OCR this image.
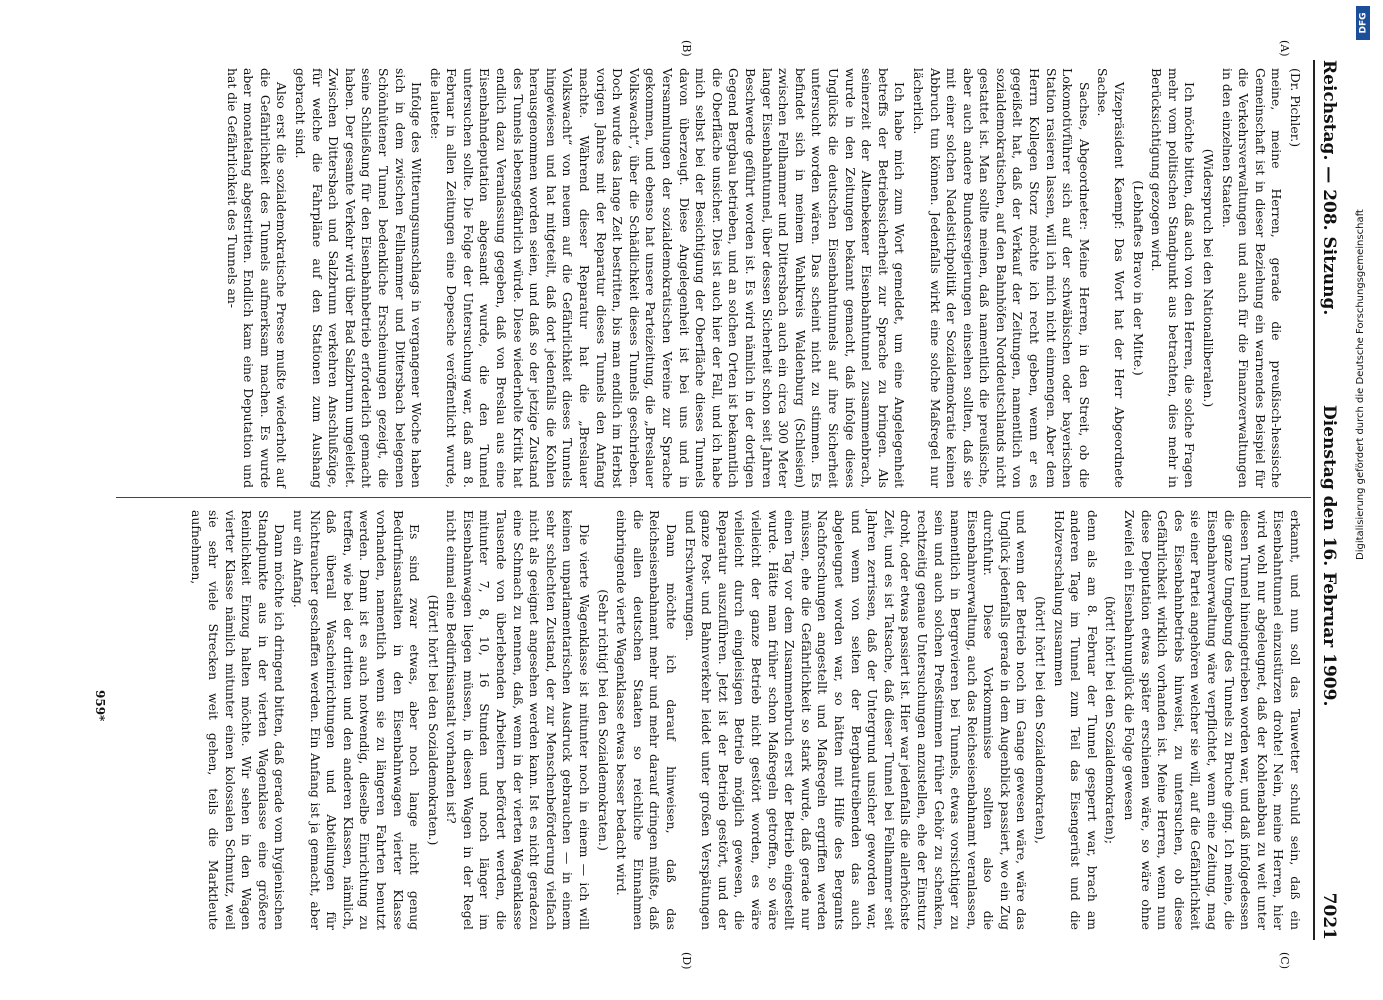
Reichstag. — 208. Sitzung.
Dienstag den 16. Februar 1909.
7021
(A)
(B)
(C)
(D)

(Dr. Pichler.)

meine, meine Herren, gerade die preußisch-hessische Gemeinschaft ist in dieser Beziehung ein warnendes Beispiel für die Verkehrsverwaltungen und auch für die Finanzverwaltungen in den einzelnen Staaten.

(Widerspruch bei den Nationalliberalen.)

Ich möchte bitten, daß auch von den Herren, die solche Fragen mehr vom politischen Standpunkt aus betrachten, dies mehr in Berücksichtigung gezogen wird.

(Lebhaftes Bravo in der Mitte.)

Vizepräsident Kaempf: Das Wort hat der Herr Abgeordnete Sachse.

Sachse, Abgeordneter: Meine Herren, in den Streit, ob die Lokomotivführer sich auf der schwäbischen oder bayerischen Station rasieren lassen, will ich mich nicht einmengen. Aber dem Herrn Kollegen Storz möchte ich recht geben, wenn er es gegeißelt hat, daß der Verkauf der Zeitungen, namentlich von sozialdemokratischen, auf den Bahnhöfen Norddeutschlands nicht gestattet ist. Man sollte meinen, daß namentlich die preußische, aber auch andere Bundesregierungen einsehen sollten, daß sie mit einer solchen Nadelstichpolitik der Sozialdemokratie keinen Abbruch tun können. Jedenfalls wirkt eine solche Maßregel nur lächerlich.

Ich habe mich zum Wort gemeldet, um eine Angelegenheit betreffs der Betriebssicherheit zur Sprache zu bringen. Als seinerzeit der Altenbekener Eisenbahntunnel zusammenbrach, wurde in den Zeitungen bekannt gemacht, daß infolge dieses Unglücks die deutschen Eisenbahntunnels auf ihre Sicherheit untersucht worden wären. Das scheint nicht zu stimmen. Es befindet sich in meinem Wahlkreis Waldenburg (Schlesien) zwischen Fellhammer und Dittersbach auch ein circa 300 Meter langer Eisenbahntunnel, über dessen Sicherheit schon seit Jahren Beschwerde geführt worden ist. Es wird nämlich in der dortigen Gegend Bergbau betrieben, und an solchen Orten ist bekanntlich die Oberfläche unsicher. Dies ist auch hier der Fall, und ich habe mich selbst bei der Besichtigung der Oberfläche dieses Tunnels davon überzeugt. Diese Angelegenheit ist bei uns und in Versammlungen der sozialdemokratischen Vereine zur Sprache gekommen, und ebenso hat unsere Parteizeitung, die „Breslauer Volkswacht“, über die Schädlichkeit dieses Tunnels geschrieben. Doch wurde das lange Zeit bestritten, bis man endlich im Herbst vorigen Jahres mit der Reparatur dieses Tunnels den Anfang machte. Während dieser Reparatur hat die „Breslauer Volkswacht“ von neuem auf die Gefährlichkeit dieses Tunnels hingewiesen und hat mitgeteilt, daß dort jedenfalls die Kohlen herausgenommen worden seien, und daß so der jetzige Zustand des Tunnels lebensgefährlich würde. Diese wiederholte Kritik hat endlich dazu Veranlassung gegeben, daß von Breslau aus eine Eisenbahndeputation abgesandt wurde, die den Tunnel untersuchen sollte. Die Folge der Untersuchung war, daß am 8. Februar in allen Zeitungen eine Depesche veröffentlicht wurde, die lautete:

Infolge des Witterungsumschlags in vergangener Woche haben sich in dem zwischen Fellhammer und Dittersbach belegenen Schönhütener Tunnel bedenkliche Erscheinungen gezeigt, die seine Schließung für den Eisenbahnbetrieb erforderlich gemacht haben. Der gesamte Verkehr wird über Bad Salzbrunn umgeleitet. Zwischen Dittersbach und Salzbrunn verkehren Anschlußzüge, für welche die Fahrpläne auf den Stationen zum Aushang gebracht sind.

Also erst die sozialdemokratische Presse mußte wiederholt auf die Gefährlichkeit des Tunnels aufmerksam machen. Es wurde aber monatelang abgestritten. Endlich kam eine Deputation und hat die Gefährlichkeit des Tunnels an-

erkannt, und nun soll das Tauwetter schuld sein, daß ein Eisenbahntunnel einzustürzen drohte! Nein, meine Herren, hier wird wohl nur abgeleugnet, daß der Kohlenabbau zu weit unter diesen Tunnel hineingetrieben worden war, und daß infolgedessen die ganze Umgebung des Tunnels zu Bruche ging. Ich meine, die Eisenbahnverwaltung wäre verpflichtet, wenn eine Zeitung, mag sie einer Partei angehören welcher sie will, auf die Gefährlichkeit des Eisenbahnbetriebs hinweist, zu untersuchen, ob diese Gefährlichkeit wirklich vorhanden ist. Meine Herren, wenn nun diese Deputation etwas später erschienen wäre, so wäre ohne Zweifel ein Eisenbahnunglück die Folge gewesen

(hört! hört! bei den Sozialdemokraten);

denn als am 8. Februar der Tunnel gesperrt war, brach am anderen Tage im Tunnel zum Teil das Eisengerüst und die Holzverschalung zusammen

(hört! hört! bei den Sozialdemokraten),

und wenn der Betrieb noch im Gange gewesen wäre, wäre das Unglück jedenfalls gerade in dem Augenblick passiert, wo ein Zug durchfuhr. Diese Vorkommnisse sollten also die Eisenbahnverwaltung, auch das Reichseisenbahnamt veranlassen, namentlich in Bergrevieren bei Tunnels, etwas vorsichtiger zu sein und auch solchen Preßstimmen früher Gehör zu schenken, rechtzeitig genaue Untersuchungen anzustellen, ehe der Einsturz droht, oder etwas passiert ist. Hier war jedenfalls die allerhöchste Zeit, und es ist Tatsache, daß dieser Tunnel bei Fellhammer seit Jahren zerrissen, daß der Untergrund unsicher geworden war, und wenn von seiten der Bergbautreibenden das auch abgeleugnet worden war, so hätten mit Hilfe des Bergamts Nachforschungen angestellt und Maßregeln ergriffen werden müssen, ehe die Gefährlichkeit so stark wurde, daß gerade nur einen Tag vor dem Zusammenbruch erst der Betrieb eingestellt wurde. Hätte man früher schon Maßregeln getroffen, so wäre vielleicht der ganze Betrieb nicht gestört worden, es wäre vielleicht durch eingleisigen Betrieb möglich gewesen, die Reparatur auszuführen. Jetzt ist der Betrieb gestört, und der ganze Post- und Bahnverkehr leidet unter großen Verspätungen und Erschwerungen.

Dann möchte ich darauf hinweisen, daß das Reichseisenbahnamt mehr und mehr darauf dringen müßte, daß die allen deutschen Staaten so reichliche Einnahmen einbringende vierte Wagenklasse etwas besser bedacht wird.

(Sehr richtig! bei den Sozialdemokraten.)

Die vierte Wagenklasse ist mitunter noch in einem — ich will keinen unparlamentarischen Ausdruck gebrauchen — in einem sehr schlechten Zustand, der zur Menschenbeförderung vielfach nicht als geeignet angesehen werden kann. Ist es nicht geradezu eine Schmach zu nennen, daß, wenn in der vierten Wagenklasse Tausende von überlebenden Arbeitern befördert werden, die mitunter 7, 8, 10, 16 Stunden und noch länger im Eisenbahnwagen liegen müssen, in diesen Wagen in der Regel nicht einmal eine Bedürfnisanstalt vorhanden ist?

(Hört! hört! bei den Sozialdemokraten.)

Es sind zwar etwas, aber noch lange nicht genug Bedürfnisanstalten in den Eisenbahnwagen vierter Klasse vorhanden, namentlich wenn sie zu längeren Fahrten benutzt werden. Dann ist es auch notwendig, dieselbe Einrichtung zu treffen, wie bei der dritten und den anderen Klassen, nämlich, daß überall Wascheinrichtungen und Abteilungen für Nichtraucher geschaffen werden. Ein Anfang ist ja gemacht, aber nur ein Anfang.

Dann möchte ich dringend bitten, daß gerade vom hygienischen Standpunkte aus in der vierten Wagenklasse eine größere Reinlichkeit Einzug halten möchte. Wir sehen in den Wagen vierter Klasse nämlich mitunter einen kolossalen Schmutz, weil sie sehr viele Strecken weit gehen, teils die Marktleute aufnehmen,

959*
DFG
Digitalisierung gefördert durch die Deutsche Forschungsgemeinschaft
